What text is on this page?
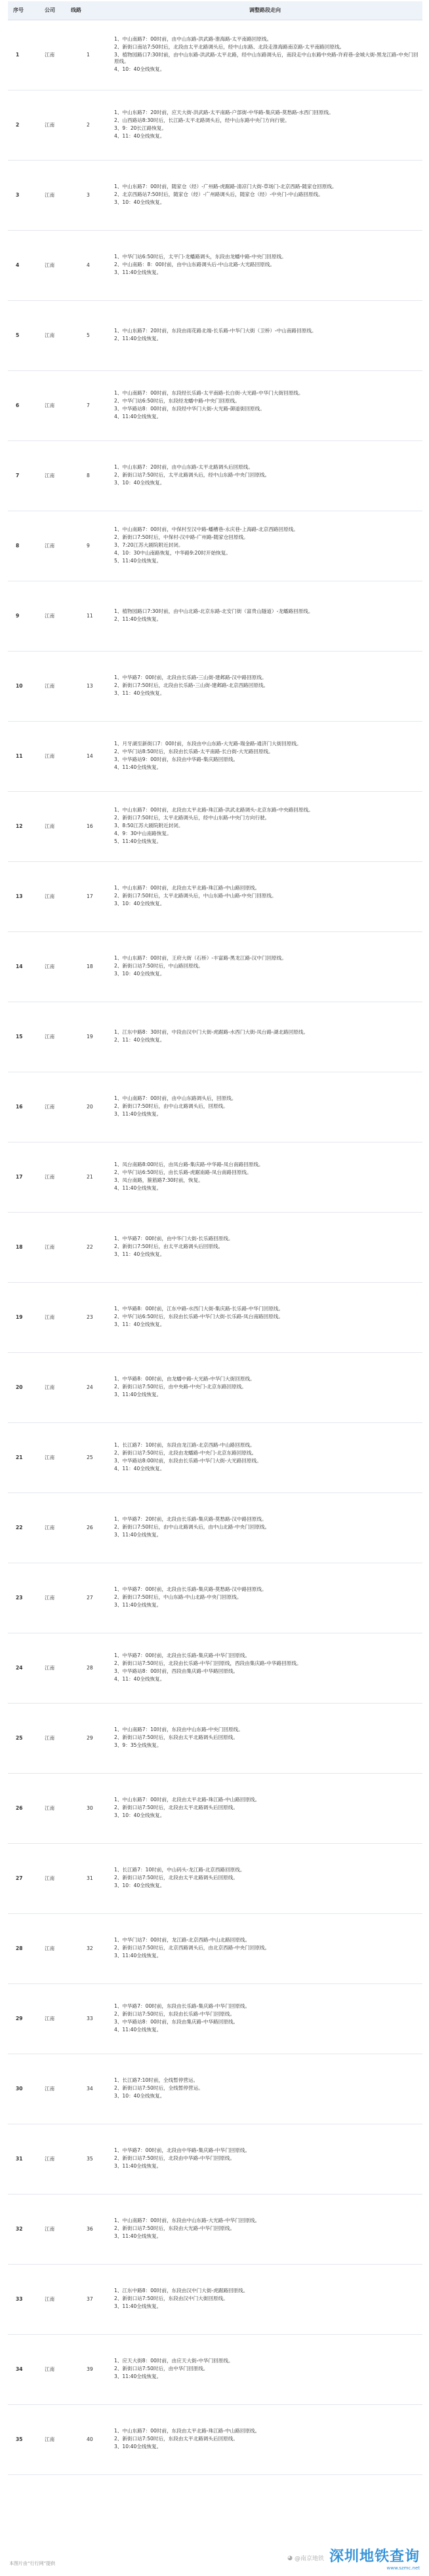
序号	公司	线路	调整路段走向
1	江南	1	1、中山南路7：00时前，由中山东路-洪武路-淮海路-太平南路回原线。

2、新街口南站7:50时后，北段由太平北路调头后，经中山东路、北段走淮海路南京路-太平南路回原线。

3、植物园路口7:30时前，由中山东路-洪武路-太平北路，经中山东路调头后，南段走中山东路中央路-许府巷-金城大街-黑龙江路-中央门回原线。

4、10：40全线恢复。

2	江南	2	1、中山东路7：20时前，应天大街-洪武路-太平南路-户部街-中华路-集庆路-莫愁路-水西门回原线。

2、山西路站8:30时后，长江路-太平北路调头后，经中山东路中央门方向行驶。

3、9：20长江路恢复。

4、11：40全线恢复。

3	江南	3	1、中山东路7：00时前，随家仓（经）-广州路-虎踞路-清凉门大街-草场门-北京西路-随家仓回原线。

2、北京西路站7:50时后，随家仓（经）-广州路调头后，随家仓（经）-中央门-中山路回原线。

3、10：40全线恢复。

4	江南	4	1、中华门站6:50时后，太平门-龙蟠路调头，东段由龙蟠中路-中央门回原线。

2、中山南路：8：00时前，由中山东路调头后-中山北路-大光路回原线。

3、11:40全线恢复。

5	江南	5	1、中山东路7：20时前，东段由雨花路北端-长乐路-中华门大街（卫桥）-中山南路回原线。

2、11:40全线恢复。

6	江南	7	1、中山南路7：00时前，东段经长乐路-太平南路-长白街-大光路-中华门大街回原线。

2、中华门站6:50时后，东段经龙蟠中路-中央门回原线。

3、中华路站8：00时前，东段经中华门大街-大光路-御道街回原线。

4、11:40全线恢复。

7	江南	8	1、中山东路7：20时前，由中山东路-太平北路调头后回原线。

2、新街口站7:50时后，太平北路调头后，经中山东路-中央门回原线。

3、10：40全线恢复。

8	江南	9	1、中山南路7：00时前，中保村至汉中路-蟠槽巷-永庆巷-上海路-北京西路回原线。

2、新街口7:50时后，中保村-汉中路-广州路-随家仓回原线。

3、7:20江苏大剧院附近封闭。

4、10：30中山南路恢复，中华路9:20时开始恢复。

5、11:40全线恢复。

9	江南	11	1、植物园路口7:30时前，由中山北路-北京东路-北安门街（富贵山隧道）-龙蟠路回原线。

2、11:40全线恢复。

10	江南	13	1、中华路7：00时前，北段由长乐路-三山街-建邺路-汉中路回原线。

2、新街口7:50时后，北段由长乐路-三山街-建邺路-北京西路回原线。

3、11：40全线恢复。

11	江南	14	1、月牙湖至新街口7：00时前，东段由中山东路-大光路-瑞金路-通济门大街回原线。

2、中华门站8:50时后，东段由长乐路-太平南路-长白街-大光路回原线。

3、中华路站9：00时前，东段由中华路-集庆路回原线。

4、11:40全线恢复。

12	江南	16	1、中山东路7：00时前，北段由太平北路-珠江路-洪武北路调头-北京东路-中央路回原线。

2、新街口7:50时后，太平北路调头后，经中山东路-中央门方向行驶。

3、8:50江苏大剧院附近封闭。

4、9：30中山南路恢复。

5、11:40全线恢复。

13	江南	17	1、中山东路7：00时前，北段由太平北路-珠江路-中山路回原线。

2、新街口7:50时后，太平北路调头后，中山东路-中山路-中央门回原线。

3、10：40全线恢复。

14	江南	18	1、中山东路7：00时前，王府大街（石桥）-丰富路-黑龙江路-汉中门回原线。

2、新街口站7:50时后，中山路回原线。

3、10：40全线恢复。

15	江南	19	1、江东中路8：30时前，中段由汉中门大街-虎踞路-水西门大街-凤台路-湖北路回原线。

2、11：40全线恢复。

16	江南	20	1、中山南路7：00时前，由中山东路调头后，回原线。

2、新街口7:50时后，由中山北路调头后，回原线。

3、11:40全线恢复。

17	江南	21	1、凤台南路8:00时后，由凤台路-集庆路-中华路-凤台南路回原线。

2、中华门站6:50时后，由长乐路-虎踞南路-凤台南路回原线。

3、凤台南路，箍筋路7:30时前，恢复。

4、11:40全线恢复。

18	江南	22	1、中华路7：00时前，由中华门大街-长乐路回原线。

2、新街口7:50时后，由太平北路调头后回原线。

3、11：40全线恢复。

19	江南	23	1、中华路8：00时前，江东中路-水西门大街-集庆路-长乐路-中华门回原线。

2、中华门站6:50时后，东段由长乐路-中华门大街-长乐路-凤台南路回原线。

3、11：40全线恢复。

20	江南	24	1、中华路8：00时前，由龙蟠中路-大光路-中华门大街回原线。

2、新街口站7:50时后，由中央路-中央门-北京东路回原线。

3、11:40全线恢复。

21	江南	25	1、长江路7：10时前，东段由龙江路-北京西路-中山路回原线。

2、新街口站7:50时后，北段由龙蟠路-中央门-北京东路回原线。

3、中华路站8:00时前，东段由长乐路-中华门大街-大光路回原线。

4、11：40全线恢复。

22	江南	26	1、中华路7：20时前，北段由长乐路-集庆路-莫愁路-汉中路回原线。

2、新街口7:50时后，由中山北路调头后，由中山北路-中央门回原线。

3、11:40全线恢复。

23	江南	27	1、中华路7：00时前，北段由长乐路-集庆路-莫愁路-汉中路回原线。

2、新街口7:50时后，中山东路-中山北路-中央门回原线。

3、11:40全线恢复。

24	江南	28	1、中华路7：00时前，北段由长乐路-集庆路-中华门回原线。

2、新街口站7:50时后，北段由长乐路-中华门回原线，西段由集庆路-中华路回原线。

3、中华路站8：00时前，西段由集庆路-中华路回原线。

4、11：40全线恢复。

25	江南	29	1、中山南路7：10时前，东段由中山东路-中央门回原线。

2、新街口站7:50时后，东段由太平北路调头后回原线。

3、9：35全线恢复。

26	江南	30	1、中山东路7：00时前，北段由太平北路-珠江路-中山路回原线。

2、新街口站7:50时后，北段由太平北路调头后回原线。

3、10：40全线恢复。

27	江南	31	1、长江路7：10时前，中山码头-龙江路-北京西路回原线。

2、新街口站7:50时后，北段由太平北路调头后回原线。

3、10：40全线恢复。

28	江南	32	1、中华门站7：00时前，龙江路-北京西路-中山北路回原线。

2、新街口站7:50时后，北京西路调头后，由北京西路-中央门回原线。

3、11:40全线恢复。

29	江南	33	1、中华路7：00时前，东段由长乐路-集庆路-中华门回原线。

2、新街口站7:50时后，东段由长乐路-中华门回原线。

3、中华路站8：00时前，东段由集庆路-中华路回原线。

4、11:40全线恢复。

30	江南	34	1、长江路7:10时前，全线暂停营运。

2、新街口站7:50时后，全线暂停营运。

3、10：40全线恢复。

31	江南	35	1、中华路7：00时前，北段由中华路-集庆路-中华门回原线。

2、新街口站7:50时后，北段由中华路-中华门回原线。

3、11:40全线恢复。

32	江南	36	1、中山南路7：00时前，东段由中山东路-大光路-中华门回原线。

2、新街口站7:50时后，东段由大光路-中华门回原线。

3、11:40全线恢复。

33	江南	37	1、江东中路8：00时前，东段由汉中门大街-虎踞路回原线。

2、新街口站7:50时后，东段由汉中门大街回原线。

3、11:40全线恢复。

34	江南	39	1、应天大街8：00时前，由应天大街-中华门回原线。

2、新街口站7:50时后，由中华门回原线。

3、11:40全线恢复。

35	江南	40	1、中山东路7：00时前，东段由太平北路-珠江路-中山路回原线。

2、新街口站7:50时后，东段由太平北路调头后回原线。

3、10:40全线恢复。

本图片由“行行网”提供
◕ @南京地铁 深圳地铁查询
www.szmc.net
